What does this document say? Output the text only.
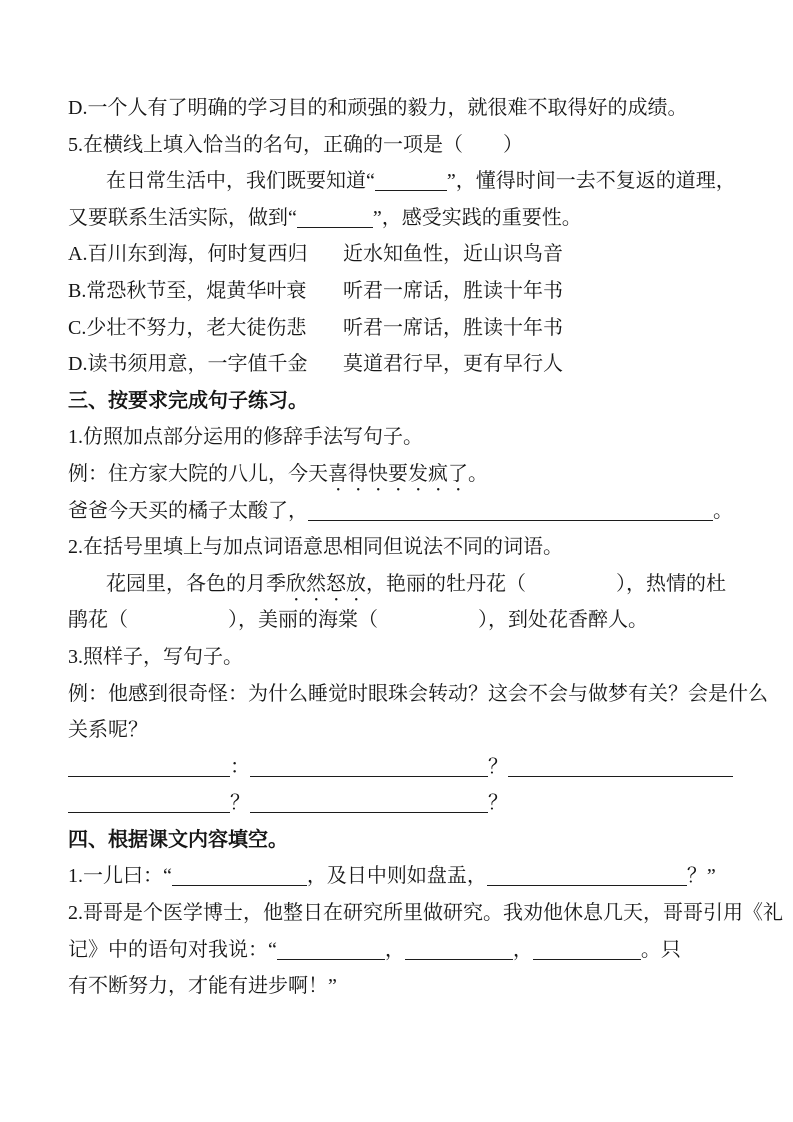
D.一个人有了明确的学习目的和顽强的毅力，就很难不取得好的成绩。
5.在横线上填入恰当的名句，正确的一项是（　　）
在日常生活中，我们既要知道“	”，懂得时间一去不复返的道理，
又要联系生活实际，做到“	”，感受实践的重要性。
A.百川东到海，何时复西归 近水知鱼性，近山识鸟音
B.常恐秋节至，焜黄华叶衰 听君一席话，胜读十年书
C.少壮不努力，老大徒伤悲 听君一席话，胜读十年书
D.读书须用意，一字值千金 莫道君行早，更有早行人
三、按要求完成句子练习。
1.仿照加点部分运用的修辞手法写句子。
例：住方家大院的八儿，今天喜得快要发疯了。
爸爸今天买的橘子太酸了，	。
2.在括号里填上与加点词语意思相同但说法不同的词语。
花园里，各色的月季欣然怒放，艳丽的牡丹花（	），热情的杜
鹃花（	），美丽的海棠（	），到处花香醉人。
3.照样子，写句子。
例：他感到很奇怪：为什么睡觉时眼珠会转动？这会不会与做梦有关？会是什么
关系呢？
：	？
？	？
四、根据课文内容填空。
1.一儿曰：“	，及日中则如盘盂，	？”
2.哥哥是个医学博士，他整日在研究所里做研究。我劝他休息几天，哥哥引用《礼
记》中的语句对我说：“	，	，	。只
有不断努力，才能有进步啊！”
